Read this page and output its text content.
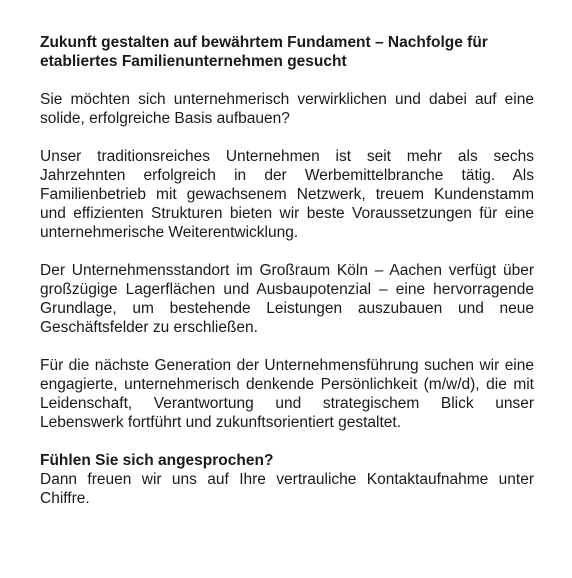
Zukunft gestalten auf bewährtem Fundament – Nachfolge für etabliertes Familienunternehmen gesucht

Sie möchten sich unternehmerisch verwirklichen und dabei auf eine solide, erfolgreiche Basis aufbauen?

Unser traditionsreiches Unternehmen ist seit mehr als sechs Jahrzehnten erfolgreich in der Werbemittelbranche tätig. Als Familienbetrieb mit gewachsenem Netzwerk, treuem Kundenstamm und effizienten Strukturen bieten wir beste Voraussetzungen für eine unternehmerische Weiterentwicklung.

Der Unternehmensstandort im Großraum Köln – Aachen verfügt über großzügige Lagerflächen und Ausbaupotenzial – eine hervorragende Grundlage, um bestehende Leistungen auszubauen und neue Geschäftsfelder zu erschließen.

Für die nächste Generation der Unternehmensführung suchen wir eine engagierte, unternehmerisch denkende Persönlichkeit (m/w/d), die mit Leidenschaft, Verantwortung und strategischem Blick unser Lebenswerk fortführt und zukunftsorientiert gestaltet.

Fühlen Sie sich angesprochen?

Dann freuen wir uns auf Ihre vertrauliche Kontaktaufnahme unter Chiffre.
